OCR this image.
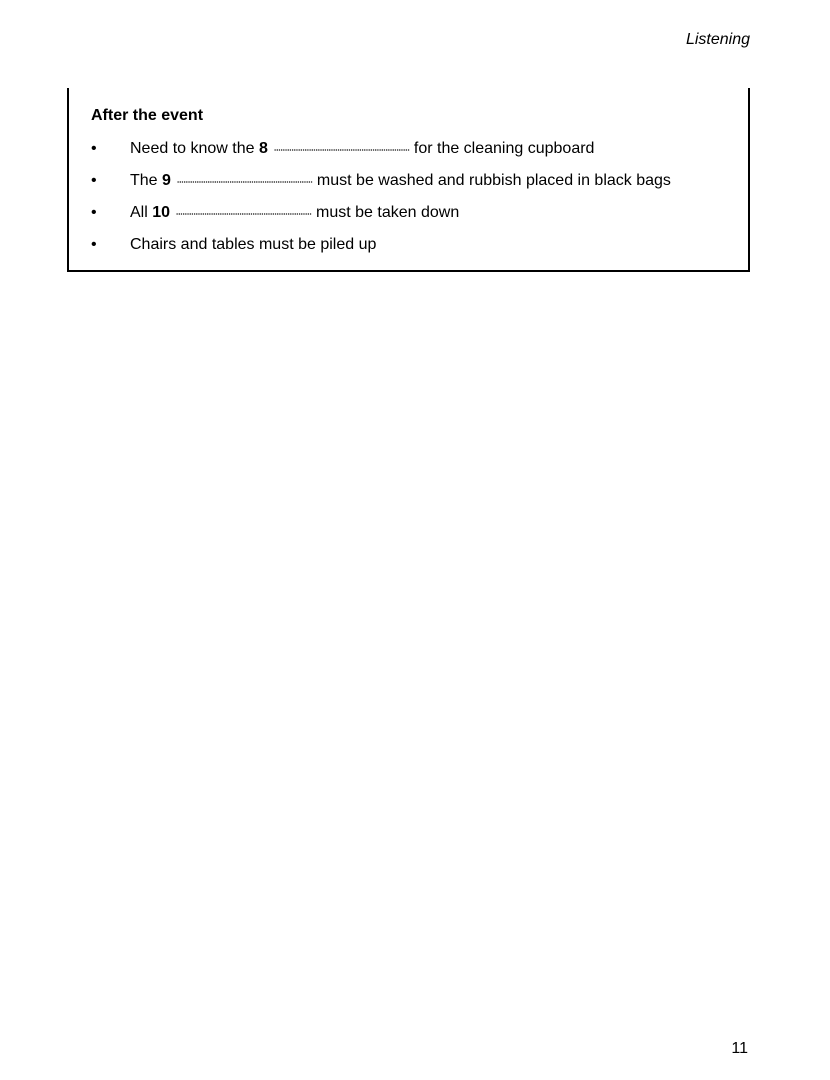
Listening
After the event
•	Need to know the 8	for the cleaning cupboard
•	The 9	must be washed and rubbish placed in black bags
•	All 10	must be taken down
•	Chairs and tables must be piled up
11
